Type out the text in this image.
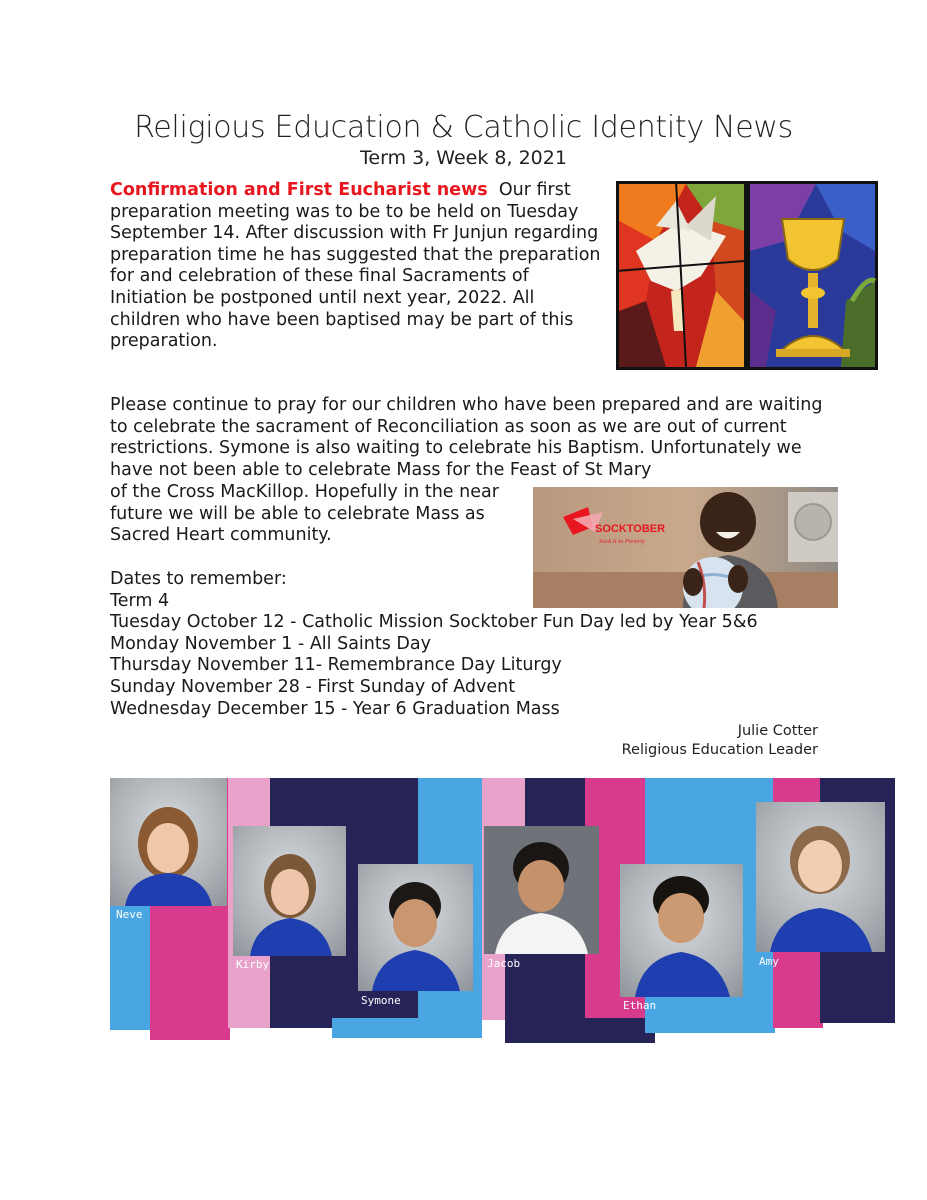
Religious Education & Catholic Identity News
Term 3, Week 8, 2021
Confirmation and First Eucharist news Our first preparation meeting was to be to be held on Tuesday September 14. After discussion with Fr Junjun regarding preparation time he has suggested that the preparation for and celebration of these final Sacraments of Initiation be postponed until next year, 2022. All children who have been baptised may be part of this preparation.
Please continue to pray for our children who have been prepared and are waiting to celebrate the sacrament of Reconciliation as soon as we are out of current restrictions. Symone is also waiting to celebrate his Baptism. Unfortunately we have not been able to celebrate Mass for the Feast of St Mary
of the Cross MacKillop. Hopefully in the near future we will be able to celebrate Mass as Sacred Heart community.	SOCKTOBER
Sock it to Poverty
Dates to remember:
Term 4
Tuesday October 12 - Catholic Mission Socktober Fun Day led by Year 5&6
Monday November 1 - All Saints Day
Thursday November 11- Remembrance Day Liturgy
Sunday November 28 - First Sunday of Advent
Wednesday December 15 - Year 6 Graduation Mass
Julie Cotter
Religious Education Leader
Neve
Kirby
Symone
Jacob
Ethan
Amy
